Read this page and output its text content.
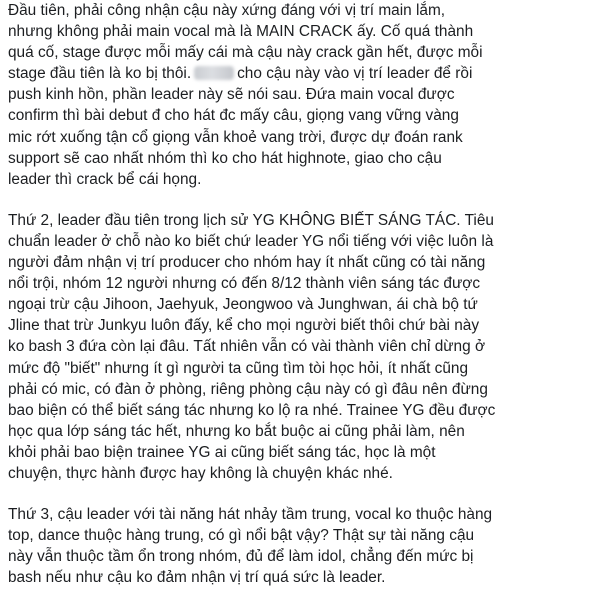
Đầu tiên, phải công nhận cậu này xứng đáng với vị trí main lắm,
nhưng không phải main vocal mà là MAIN CRACK ấy. Cố quá thành
quá cố, stage được mỗi mấy cái mà cậu này crack gần hết, được mỗi
stage đầu tiên là ko bị thôi.	cho cậu này vào vị trí leader để rồi
push kinh hồn, phần leader này sẽ nói sau. Đứa main vocal được
confirm thì bài debut đ cho hát đc mấy câu, giọng vang vững vàng
mic rớt xuống tận cổ giọng vẫn khoẻ vang trời, được dự đoán rank
support sẽ cao nhất nhóm thì ko cho hát highnote, giao cho cậu
leader thì crack bể cái họng.

Thứ 2, leader đầu tiên trong lịch sử YG KHÔNG BIẾT SÁNG TÁC. Tiêu
chuẩn leader ở chỗ nào ko biết chứ leader YG nổi tiếng với việc luôn là
người đảm nhận vị trí producer cho nhóm hay ít nhất cũng có tài năng
nổi trội, nhóm 12 người nhưng có đến 8/12 thành viên sáng tác được
ngoại trừ cậu Jihoon, Jaehyuk, Jeongwoo và Junghwan, ái chà bộ tứ
Jline that trừ Junkyu luôn đấy, kể cho mọi người biết thôi chứ bài này
ko bash 3 đứa còn lại đâu. Tất nhiên vẫn có vài thành viên chỉ dừng ở
mức độ "biết" nhưng ít gì người ta cũng tìm tòi học hỏi, ít nhất cũng
phải có mic, có đàn ở phòng, riêng phòng cậu này có gì đâu nên đừng
bao biện có thể biết sáng tác nhưng ko lộ ra nhé. Trainee YG đều được
học qua lớp sáng tác hết, nhưng ko bắt buộc ai cũng phải làm, nên
khỏi phải bao biện trainee YG ai cũng biết sáng tác, học là một
chuyện, thực hành được hay không là chuyện khác nhé.

Thứ 3, cậu leader với tài năng hát nhảy tầm trung, vocal ko thuộc hàng
top, dance thuộc hàng trung, có gì nổi bật vậy? Thật sự tài năng cậu
này vẫn thuộc tầm ổn trong nhóm, đủ để làm idol, chẳng đến mức bị
bash nếu như cậu ko đảm nhận vị trí quá sức là leader.
